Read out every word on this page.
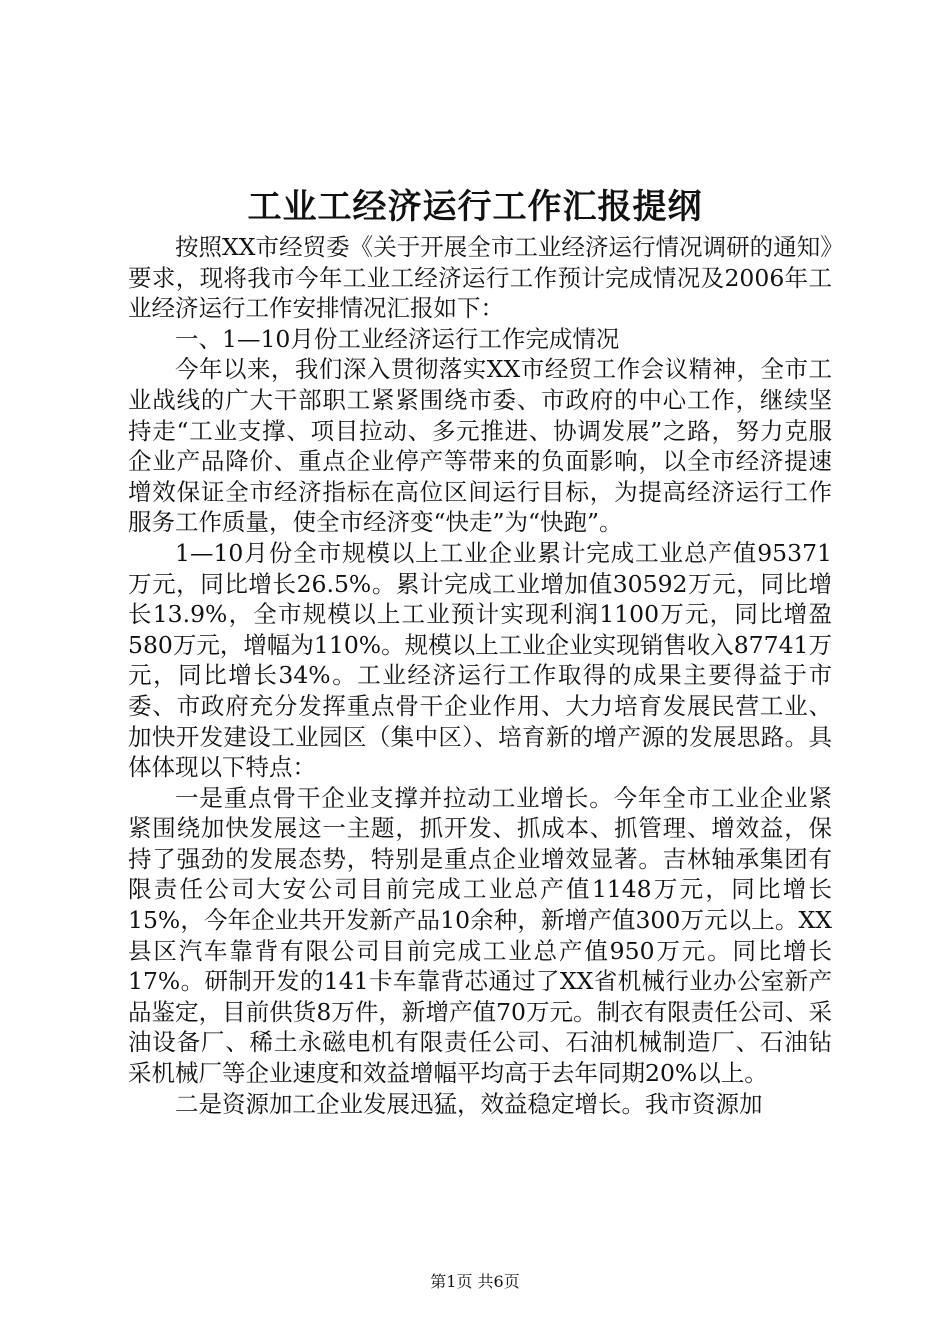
工业工经济运行工作汇报提纲

按照XX市经贸委《关于开展全市工业经济运行情况调研的通知》要求，现将我市今年工业工经济运行工作预计完成情况及2006年工业经济运行工作安排情况汇报如下：

一、1—10月份工业经济运行工作完成情况

今年以来，我们深入贯彻落实XX市经贸工作会议精神，全市工业战线的广大干部职工紧紧围绕市委、市政府的中心工作，继续坚持走“工业支撑、项目拉动、多元推进、协调发展”之路，努力克服企业产品降价、重点企业停产等带来的负面影响，以全市经济提速增效保证全市经济指标在高位区间运行目标，为提高经济运行工作服务工作质量，使全市经济变“快走”为“快跑”。

1—10月份全市规模以上工业企业累计完成工业总产值95371万元，同比增长26.5%。累计完成工业增加值30592万元，同比增长13.9%，全市规模以上工业预计实现利润1100万元，同比增盈580万元，增幅为110%。规模以上工业企业实现销售收入87741万元，同比增长34%。工业经济运行工作取得的成果主要得益于市委、市政府充分发挥重点骨干企业作用、大力培育发展民营工业、加快开发建设工业园区（集中区）、培育新的增产源的发展思路。具体体现以下特点：

一是重点骨干企业支撑并拉动工业增长。今年全市工业企业紧紧围绕加快发展这一主题，抓开发、抓成本、抓管理、增效益，保持了强劲的发展态势，特别是重点企业增效显著。吉林轴承集团有限责任公司大安公司目前完成工业总产值1148万元，同比增长15%，今年企业共开发新产品10余种，新增产值300万元以上。XX县区汽车靠背有限公司目前完成工业总产值950万元。同比增长17%。研制开发的141卡车靠背芯通过了XX省机械行业办公室新产品鉴定，目前供货8万件，新增产值70万元。制衣有限责任公司、采油设备厂、稀土永磁电机有限责任公司、石油机械制造厂、石油钻采机械厂等企业速度和效益增幅平均高于去年同期20%以上。

二是资源加工企业发展迅猛，效益稳定增长。我市资源加

第1页 共6页
